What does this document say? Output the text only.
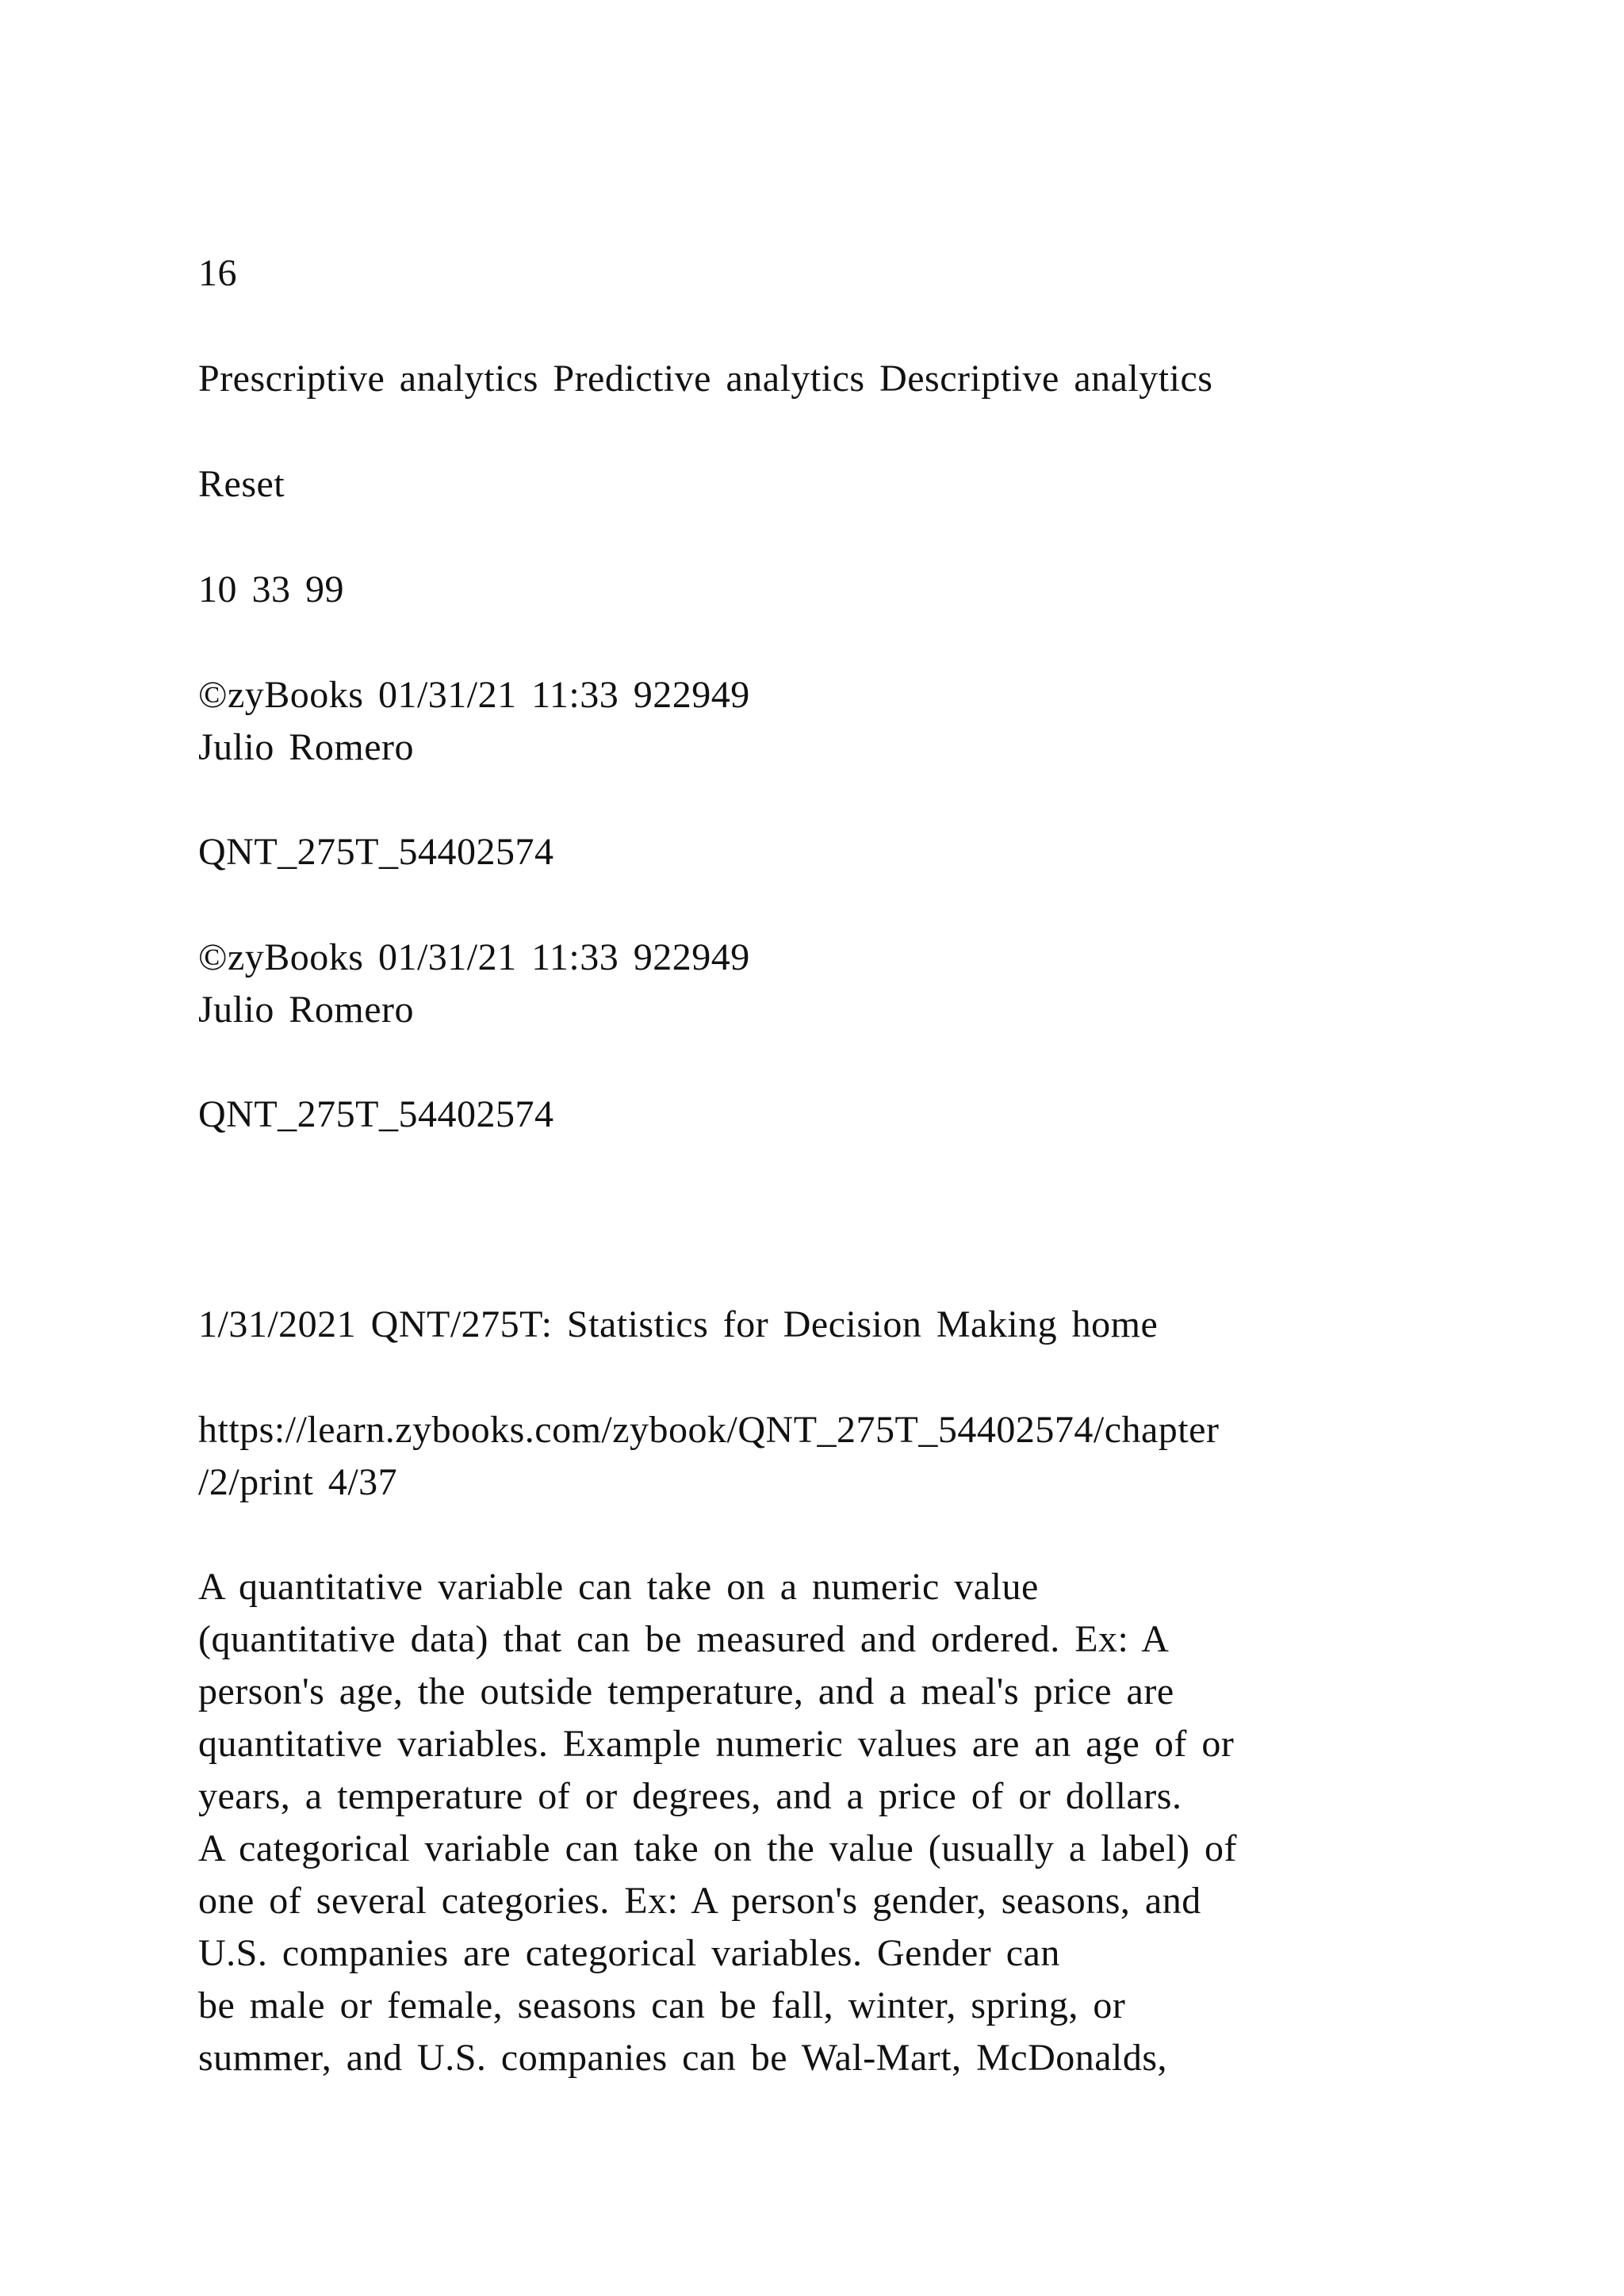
16
Prescriptive analytics Predictive analytics Descriptive analytics
Reset
10 33 99
©zyBooks 01/31/21 11:33 922949
Julio Romero
QNT_275T_54402574
©zyBooks 01/31/21 11:33 922949
Julio Romero
QNT_275T_54402574
1/31/2021 QNT/275T: Statistics for Decision Making home
https://learn.zybooks.com/zybook/QNT_275T_54402574/chapter
/2/print 4/37
A quantitative variable can take on a numeric value
(quantitative data) that can be measured and ordered. Ex: A
person's age, the outside temperature, and a meal's price are
quantitative variables. Example numeric values are an age of or
years, a temperature of or degrees, and a price of or dollars.
A categorical variable can take on the value (usually a label) of
one of several categories. Ex: A person's gender, seasons, and
U.S. companies are categorical variables. Gender can
be male or female, seasons can be fall, winter, spring, or
summer, and U.S. companies can be Wal-Mart, McDonalds,
